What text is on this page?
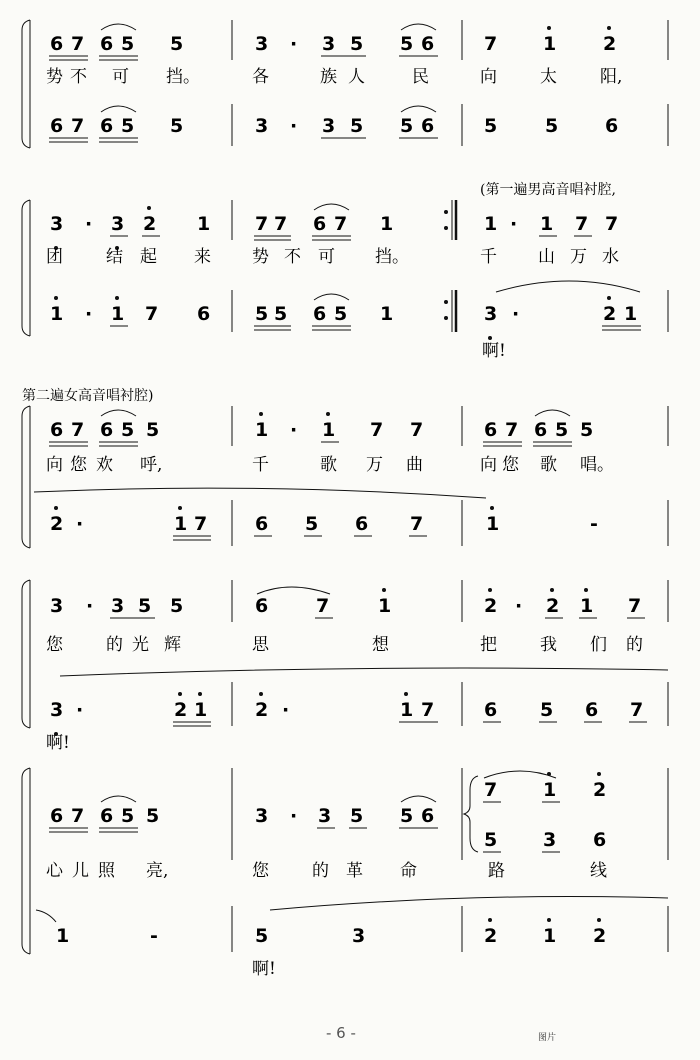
6 7 6 5 5	3 · 3 5 5 6	7 1 2
势 不 可 挡。	各	族 人	民	向	太	阳,
6 7 6 5 5	3 · 3 5 5 6	5	5 6
(第一遍男高音唱衬腔,
3 · 3 2 1 7 7 6 7 1	1 · 1 7 7
团	结 起 来 势 不 可 挡。	千 山 万 水
1 · 1 7 6 5 5 6 5 1	3 ·	2 1
啊!
第二遍女高音唱衬腔)
6 7 6 5 5	1 · 1 7 7	6 7 6 5 5
向 您 欢 呼,	千	歌 万 曲	向 您 歌 唱。
2 ·	1 7	6 5 6 7	1	-
3 · 3 5 5	6	7	1	2 · 2 1 7
您	的 光 辉	思	想	把	我 们 的
3 ·	2 1
啊!
2 ·	1 7	6 5 6 7
6 7 6 5 5	3 · 3 5 5 6
7 1 2
5 3 6
心 儿 照 亮,	您	的 革 命	路	线
1	-	5	3
啊!
2 1 2
- 6 -	图片
